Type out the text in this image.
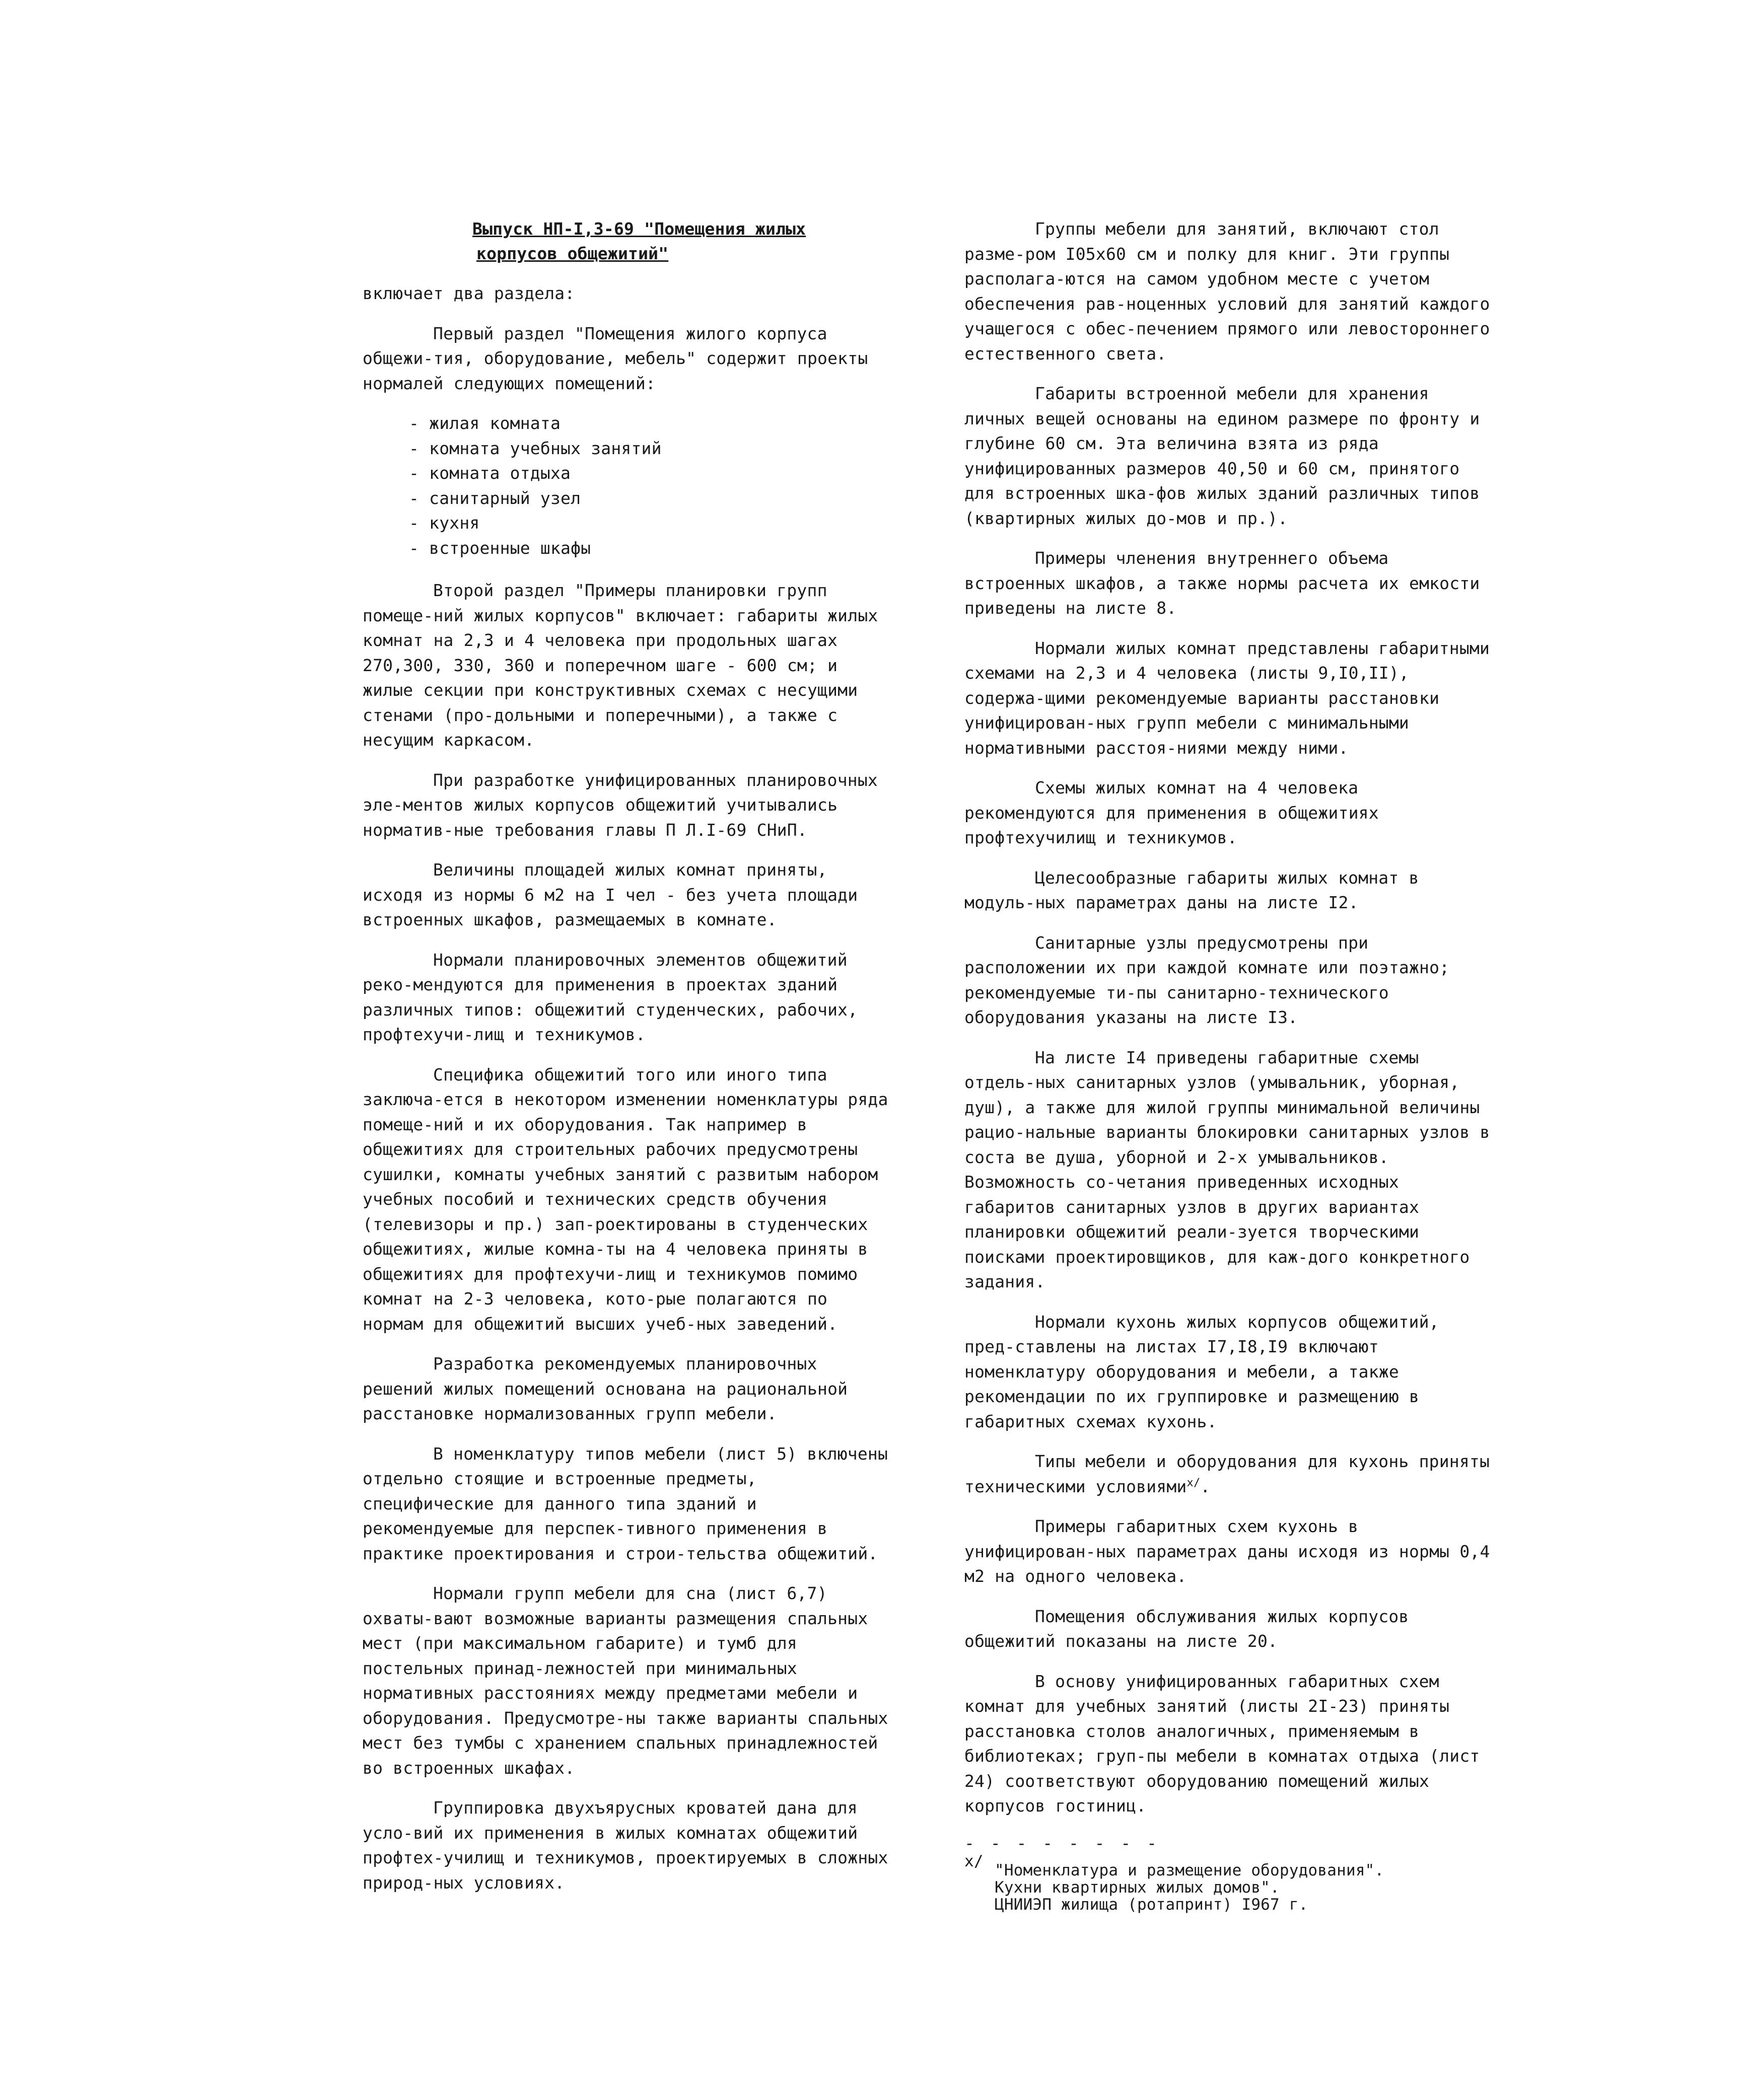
Выпуск НП-I,3-69 "Помещения жилых
корпусов общежитий"

включает два раздела:

Первый раздел "Помещения жилого корпуса общежи-тия, оборудование, мебель" содержит проекты нормалей следующих помещений:

- жилая комната
- комната учебных занятий
- комната отдыха
- санитарный узел
- кухня
- встроенные шкафы

Второй раздел "Примеры планировки групп помеще-ний жилых корпусов" включает: габариты жилых комнат на 2,3 и 4 человека при продольных шагах 270,300, 330, 360 и поперечном шаге - 600 см; и жилые секции при конструктивных схемах с несущими стенами (про-дольными и поперечными), а также с несущим каркасом.

При разработке унифицированных планировочных эле-ментов жилых корпусов общежитий учитывались норматив-ные требования главы П Л.I-69 СНиП.

Величины площадей жилых комнат приняты, исходя из нормы 6 м2 на I чел - без учета площади встроенных шкафов, размещаемых в комнате.

Нормали планировочных элементов общежитий реко-мендуются для применения в проектах зданий различных типов: общежитий студенческих, рабочих, профтехучи-лищ и техникумов.

Специфика общежитий того или иного типа заключа-ется в некотором изменении номенклатуры ряда помеще-ний и их оборудования. Так например в общежитиях для строительных рабочих предусмотрены сушилки, комнаты учебных занятий с развитым набором учебных пособий и технических средств обучения (телевизоры и пр.) зап-роектированы в студенческих общежитиях, жилые комна-ты на 4 человека приняты в общежитиях для профтехучи-лищ и техникумов помимо комнат на 2-3 человека, кото-рые полагаются по нормам для общежитий высших учеб-ных заведений.

Разработка рекомендуемых планировочных решений жилых помещений основана на рациональной расстановке нормализованных групп мебели.

В номенклатуру типов мебели (лист 5) включены отдельно стоящие и встроенные предметы, специфические для данного типа зданий и рекомендуемые для перспек-тивного применения в практике проектирования и строи-тельства общежитий.

Нормали групп мебели для сна (лист 6,7) охваты-вают возможные варианты размещения спальных мест (при максимальном габарите) и тумб для постельных принад-лежностей при минимальных нормативных расстояниях между предметами мебели и оборудования. Предусмотре-ны также варианты спальных мест без тумбы с хранением спальных принадлежностей во встроенных шкафах.

Группировка двухъярусных кроватей дана для усло-вий их применения в жилых комнатах общежитий профтех-училищ и техникумов, проектируемых в сложных природ-ных условиях.

Группы мебели для занятий, включают стол разме-ром I05x60 см и полку для книг. Эти группы располага-ются на самом удобном месте с учетом обеспечения рав-ноценных условий для занятий каждого учащегося с обес-печением прямого или левостороннего естественного света.

Габариты встроенной мебели для хранения личных вещей основаны на едином размере по фронту и глубине 60 см. Эта величина взята из ряда унифицированных размеров 40,50 и 60 см, принятого для встроенных шка-фов жилых зданий различных типов (квартирных жилых до-мов и пр.).

Примеры членения внутреннего объема встроенных шкафов, а также нормы расчета их емкости приведены на листе 8.

Нормали жилых комнат представлены габаритными схемами на 2,3 и 4 человека (листы 9,I0,II), содержа-щими рекомендуемые варианты расстановки унифицирован-ных групп мебели с минимальными нормативными расстоя-ниями между ними.

Схемы жилых комнат на 4 человека рекомендуются для применения в общежитиях профтехучилищ и техникумов.

Целесообразные габариты жилых комнат в модуль-ных параметрах даны на листе I2.

Санитарные узлы предусмотрены при расположении их при каждой комнате или поэтажно; рекомендуемые ти-пы санитарно-технического оборудования указаны на листе I3.

На листе I4 приведены габаритные схемы отдель-ных санитарных узлов (умывальник, уборная, душ), а также для жилой группы минимальной величины рацио-нальные варианты блокировки санитарных узлов в соста ве душа, уборной и 2-х умывальников. Возможность со-четания приведенных исходных габаритов санитарных узлов в других вариантах планировки общежитий реали-зуется творческими поисками проектировщиков, для каж-дого конкретного задания.

Нормали кухонь жилых корпусов общежитий, пред-ставлены на листах I7,I8,I9 включают номенклатуру оборудования и мебели, а также рекомендации по их группировке и размещению в габаритных схемах кухонь.

Типы мебели и оборудования для кухонь приняты техническими условиями$^{x/}$.

Примеры габаритных схем кухонь в унифицирован-ных параметрах даны исходя из нормы 0,4 м2 на одного человека.

Помещения обслуживания жилых корпусов общежитий показаны на листе 20.

В основу унифицированных габаритных схем комнат для учебных занятий (листы 2I-23) приняты расстановка столов аналогичных, применяемым в библиотеках; груп-пы мебели в комнатах отдыха (лист 24) соответствуют оборудованию помещений жилых корпусов гостиниц.

- - - - - - - -
x/ "Номенклатура и размещение оборудования".
Кухни квартирных жилых домов".
ЦНИИЭП жилища (ротапринт) I967 г.
